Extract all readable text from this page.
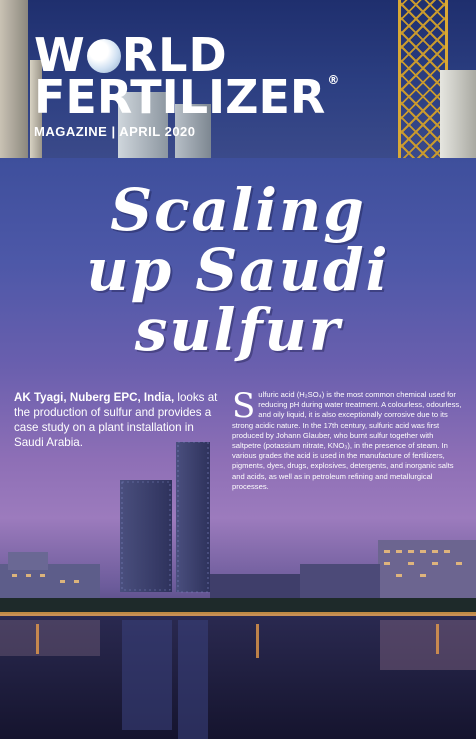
W RLD
FERTILIZER ®
MAGAZINE | APRIL 2020
Scaling
up Saudi
sulfur
AK Tyagi, Nuberg EPC, India, looks at the production of sulfur and provides a case study on a plant installation in Saudi Arabia.
S ulfuric acid (H₂SO₄) is the most common chemical used for reducing pH during water treatment. A colourless, odourless, and oily liquid, it is also exceptionally corrosive due to its strong acidic nature. In the 17th century, sulfuric acid was first produced by Johann Glauber, who burnt sulfur together with saltpetre (potassium nitrate, KNO₃), in the presence of steam. In various grades the acid is used in the manufacture of fertilizers, pigments, dyes, drugs, explosives, detergents, and inorganic salts and acids, as well as in petroleum refining and metallurgical processes.
